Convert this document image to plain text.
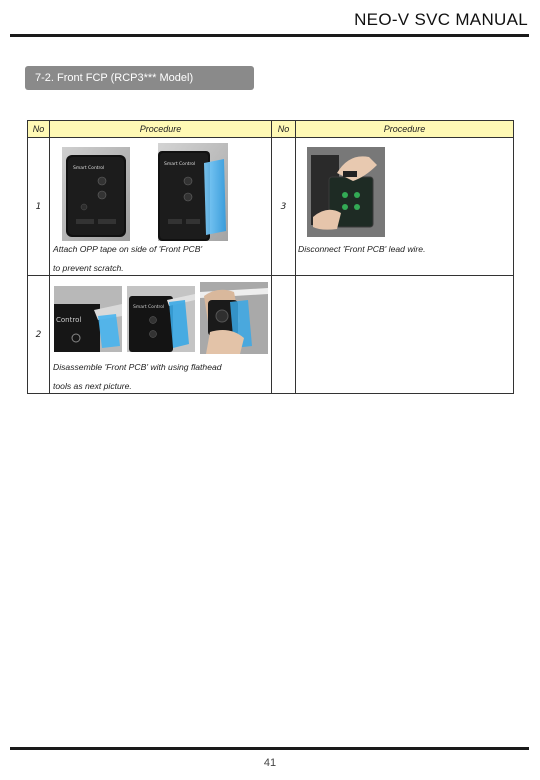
NEO-V SVC MANUAL
7-2. Front FCP (RCP3*** Model)
No	Procedure	No	Procedure
1	Smart Control
Smart Control
Attach OPP tape on side of 'Front PCB'
to prevent scratch.	3	Disconnect 'Front PCB' lead wire.

2	Control
Smart Control
Disassemble 'Front PCB' with using flathead
tools as next picture.		

41
